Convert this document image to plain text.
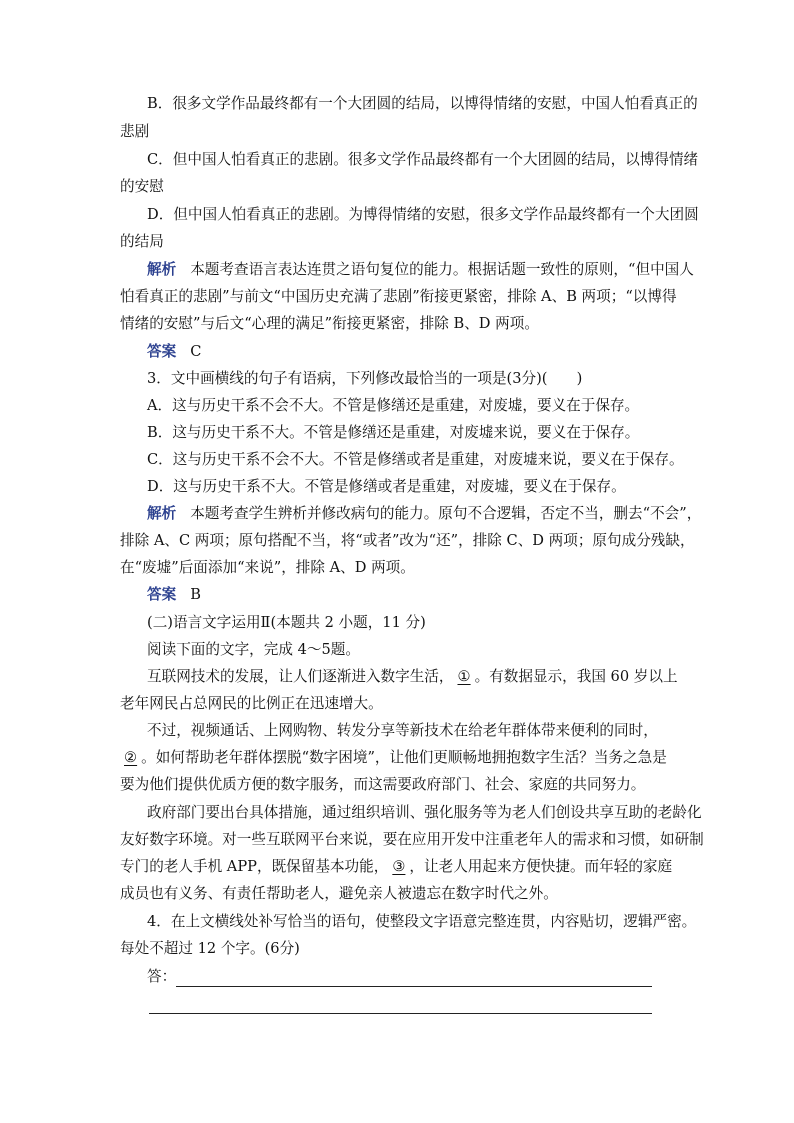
B．很多文学作品最终都有一个大团圆的结局，以博得情绪的安慰，中国人怕看真正的
悲剧
C．但中国人怕看真正的悲剧。很多文学作品最终都有一个大团圆的结局，以博得情绪
的安慰
D．但中国人怕看真正的悲剧。为博得情绪的安慰，很多文学作品最终都有一个大团圆
的结局
解析 本题考查语言表达连贯之语句复位的能力。根据话题一致性的原则，“但中国人
怕看真正的悲剧”与前文“中国历史充满了悲剧”衔接更紧密，排除 A、B 两项；“以博得
情绪的安慰”与后文“心理的满足”衔接更紧密，排除 B、D 两项。
答案 C
3．文中画横线的句子有语病，下列修改最恰当的一项是(3分)(　　)
A．这与历史干系不会不大。不管是修缮还是重建，对废墟，要义在于保存。
B．这与历史干系不大。不管是修缮还是重建，对废墟来说，要义在于保存。
C．这与历史干系不会不大。不管是修缮或者是重建，对废墟来说，要义在于保存。
D．这与历史干系不大。不管是修缮或者是重建，对废墟，要义在于保存。
解析 本题考查学生辨析并修改病句的能力。原句不合逻辑，否定不当，删去“不会”，
排除 A、C 两项；原句搭配不当，将“或者”改为“还”，排除 C、D 两项；原句成分残缺，
在“废墟”后面添加“来说”，排除 A、D 两项。
答案 B
(二)语言文字运用Ⅱ(本题共 2 小题，11 分)
阅读下面的文字，完成 4～5题。
互联网技术的发展，让人们逐渐进入数字生活， ① 。有数据显示，我国 60 岁以上
老年网民占总网民的比例正在迅速增大。
不过，视频通话、上网购物、转发分享等新技术在给老年群体带来便利的同时，
② 。如何帮助老年群体摆脱“数字困境”，让他们更顺畅地拥抱数字生活？当务之急是
要为他们提供优质方便的数字服务，而这需要政府部门、社会、家庭的共同努力。
政府部门要出台具体措施，通过组织培训、强化服务等为老人们创设共享互助的老龄化
友好数字环境。对一些互联网平台来说，要在应用开发中注重老年人的需求和习惯，如研制
专门的老人手机 APP，既保留基本功能， ③ ，让老人用起来方便快捷。而年轻的家庭
成员也有义务、有责任帮助老人，避免亲人被遗忘在数字时代之外。
4．在上文横线处补写恰当的语句，使整段文字语意完整连贯，内容贴切，逻辑严密。
每处不超过 12 个字。(6分)
答：
